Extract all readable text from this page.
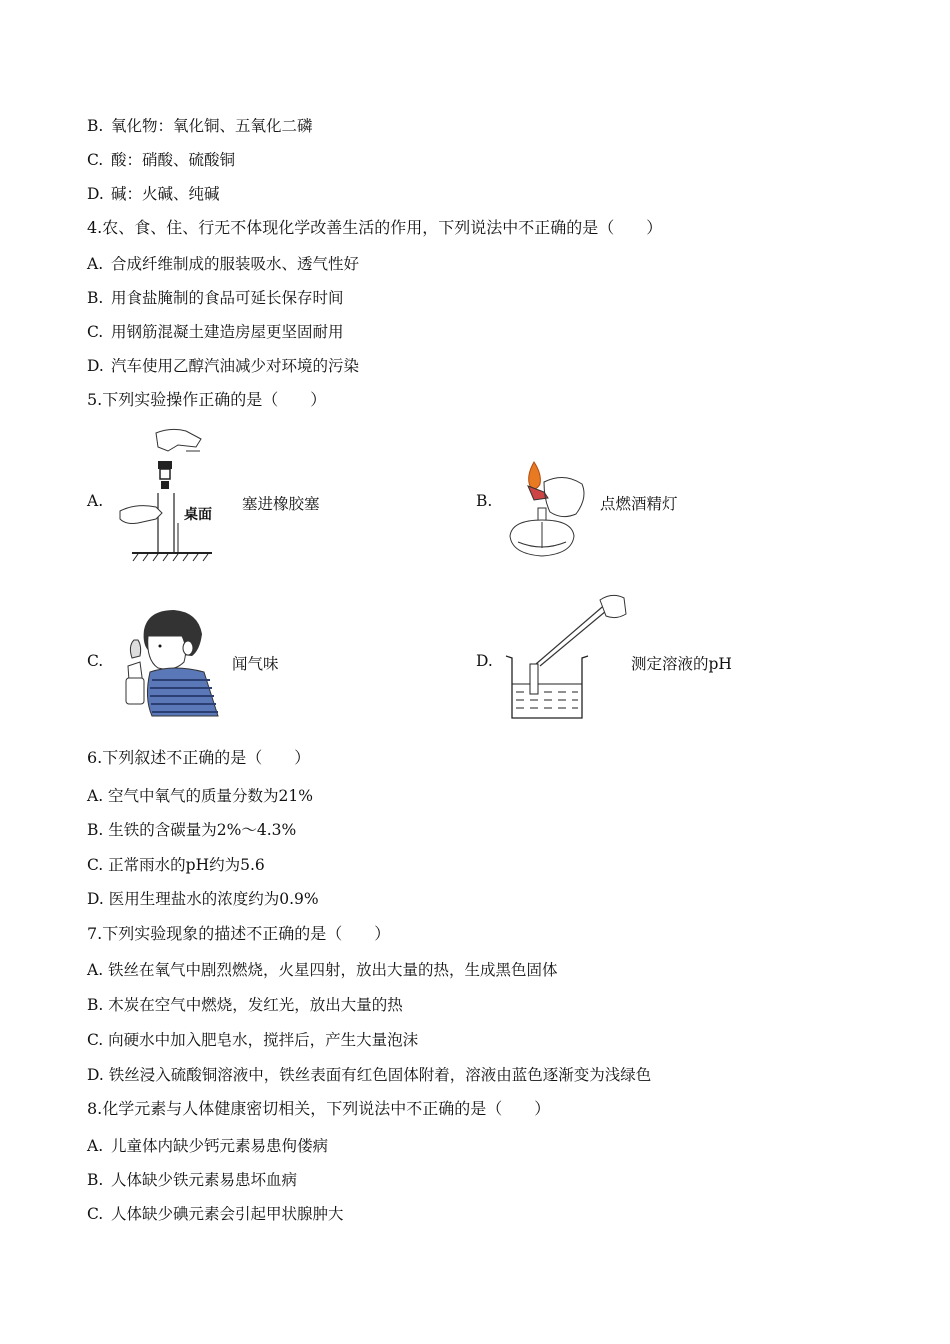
B. 氧化物：氧化铜、五氧化二磷
C. 酸：硝酸、硫酸铜
D. 碱：火碱、纯碱
4.农、食、住、行无不体现化学改善生活的作用，下列说法中不正确的是（　　）
A. 合成纤维制成的服装吸水、透气性好
B. 用食盐腌制的食品可延长保存时间
C. 用钢筋混凝土建造房屋更坚固耐用
D. 汽车使用乙醇汽油减少对环境的污染
5.下列实验操作正确的是（　　）
A.
桌面
塞进橡胶塞	B.	点燃酒精灯
C.	闻气味	D.	测定溶液的pH
6.下列叙述不正确的是（　　）
A. 空气中氧气的质量分数为21%
B. 生铁的含碳量为2%～4.3%
C. 正常雨水的pH约为5.6
D. 医用生理盐水的浓度约为0.9%
7.下列实验现象的描述不正确的是（　　）
A. 铁丝在氧气中剧烈燃烧，火星四射，放出大量的热，生成黑色固体
B. 木炭在空气中燃烧，发红光，放出大量的热
C. 向硬水中加入肥皂水，搅拌后，产生大量泡沫
D. 铁丝浸入硫酸铜溶液中，铁丝表面有红色固体附着，溶液由蓝色逐渐变为浅绿色
8.化学元素与人体健康密切相关，下列说法中不正确的是（　　）
A. 儿童体内缺少钙元素易患佝偻病
B. 人体缺少铁元素易患坏血病
C. 人体缺少碘元素会引起甲状腺肿大
